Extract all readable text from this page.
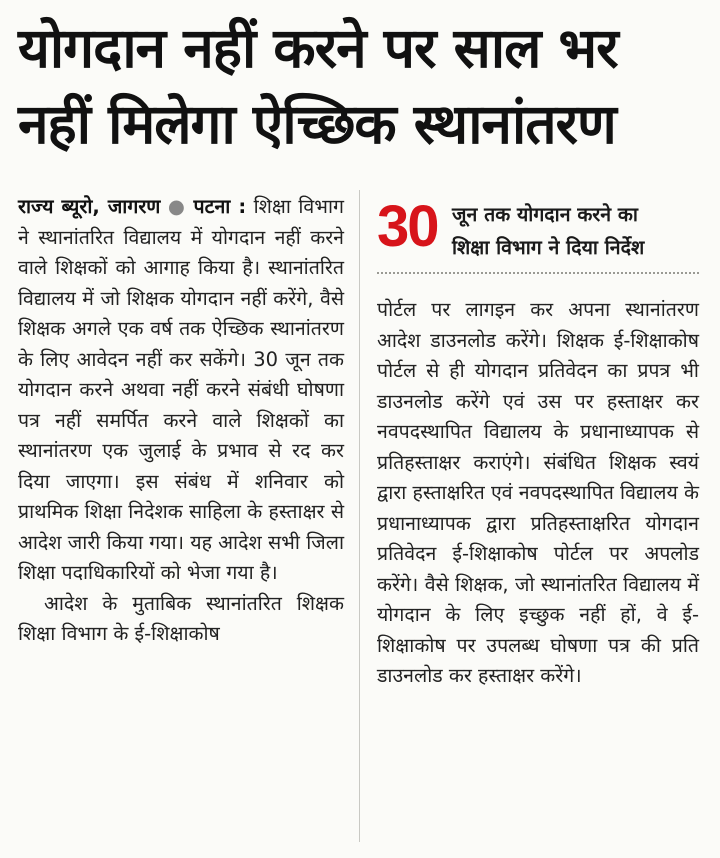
योगदान नहीं करने पर साल भर
नहीं मिलेगा ऐच्छिक स्थानांतरण

राज्य ब्यूरो, जागरण ● पटना : शिक्षा विभाग ने स्थानांतरित विद्यालय में योगदान नहीं करने वाले शिक्षकों को आगाह किया है। स्थानांतरित विद्यालय में जो शिक्षक योगदान नहीं करेंगे, वैसे शिक्षक अगले एक वर्ष तक ऐच्छिक स्थानांतरण के लिए आवेदन नहीं कर सकेंगे। 30 जून तक योगदान करने अथवा नहीं करने संबंधी घोषणा पत्र नहीं समर्पित करने वाले शिक्षकों का स्थानांतरण एक जुलाई के प्रभाव से रद कर दिया जाएगा। इस संबंध में शनिवार को प्राथमिक शिक्षा निदेशक साहिला के हस्ताक्षर से आदेश जारी किया गया। यह आदेश सभी जिला शिक्षा पदाधिकारियों को भेजा गया है।

आदेश के मुताबिक स्थानांतरित शिक्षक शिक्षा विभाग के ई-शिक्षाकोष

30 जून तक योगदान करने का
शिक्षा विभाग ने दिया निर्देश

पोर्टल पर लागइन कर अपना स्थानांतरण आदेश डाउनलोड करेंगे। शिक्षक ई-शिक्षाकोष पोर्टल से ही योगदान प्रतिवेदन का प्रपत्र भी डाउनलोड करेंगे एवं उस पर हस्ताक्षर कर नवपदस्थापित विद्यालय के प्रधानाध्यापक से प्रतिहस्ताक्षर कराएंगे। संबंधित शिक्षक स्वयं द्वारा हस्ताक्षरित एवं नवपदस्थापित विद्यालय के प्रधानाध्यापक द्वारा प्रतिहस्ताक्षरित योगदान प्रतिवेदन ई-शिक्षाकोष पोर्टल पर अपलोड करेंगे। वैसे शिक्षक, जो स्थानांतरित विद्यालय में योगदान के लिए इच्छुक नहीं हों, वे ई-शिक्षाकोष पर उपलब्ध घोषणा पत्र की प्रति डाउनलोड कर हस्ताक्षर करेंगे।
